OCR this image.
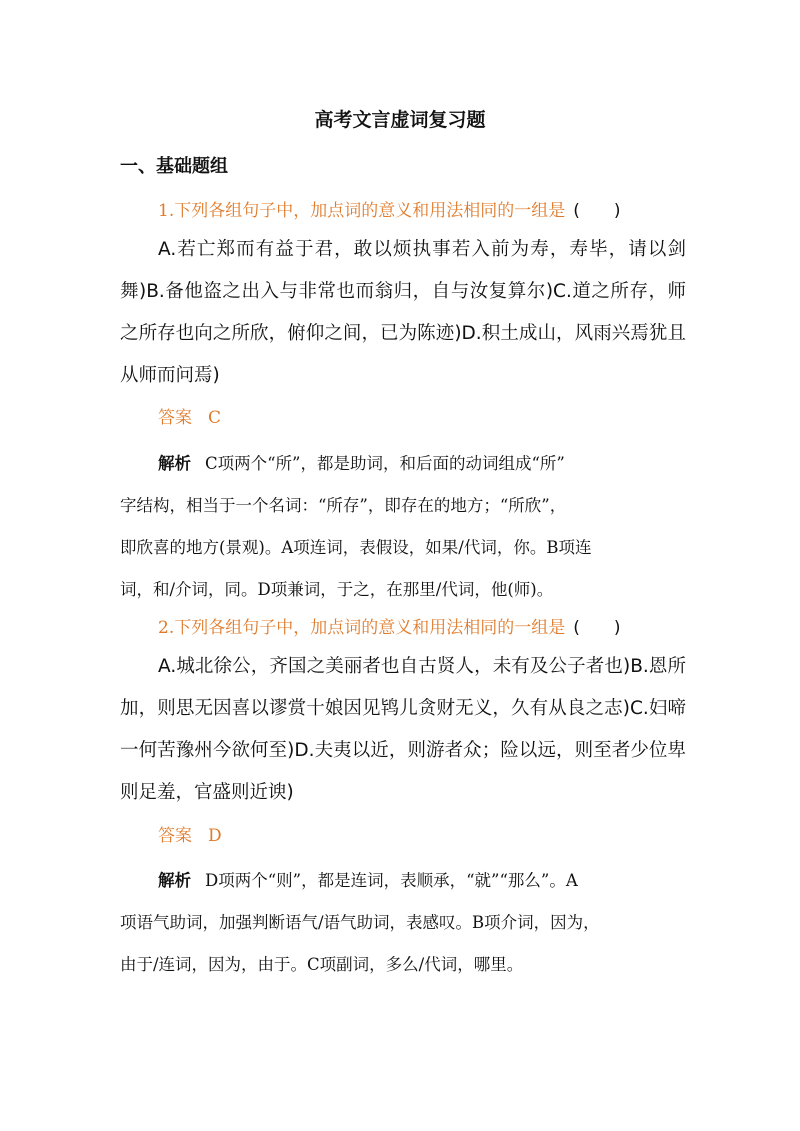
高考文言虚词复习题
一、基础题组
1.下列各组句子中，加点词的意义和用法相同的一组是 (　　)

A.若亡郑而有益于君，敢以烦执事若入前为寿，寿毕，请以剑舞)B.备他盗之出入与非常也而翁归，自与汝复算尔)C.道之所存，师之所存也向之所欣，俯仰之间，已为陈迹)D.积土成山，风雨兴焉犹且从师而问焉)

答案 C
解析 C项两个“所”，都是助词，和后面的动词组成“所”
字结构，相当于一个名词：“所存”，即存在的地方；“所欣”，
即欣喜的地方(景观)。A项连词，表假设，如果/代词，你。B项连
词，和/介词，同。D项兼词，于之，在那里/代词，他(师)。
2.下列各组句子中，加点词的意义和用法相同的一组是 (　　)

A.城北徐公，齐国之美丽者也自古贤人，未有及公子者也)B.恩所加，则思无因喜以谬赏十娘因见鸨儿贪财无义，久有从良之志)C.妇啼一何苦豫州今欲何至)D.夫夷以近，则游者众；险以远，则至者少位卑则足羞，官盛则近谀)

答案 D
解析 D项两个“则”，都是连词，表顺承，“就”“那么”。A
项语气助词，加强判断语气/语气助词，表感叹。B项介词，因为，
由于/连词，因为，由于。C项副词，多么/代词，哪里。
